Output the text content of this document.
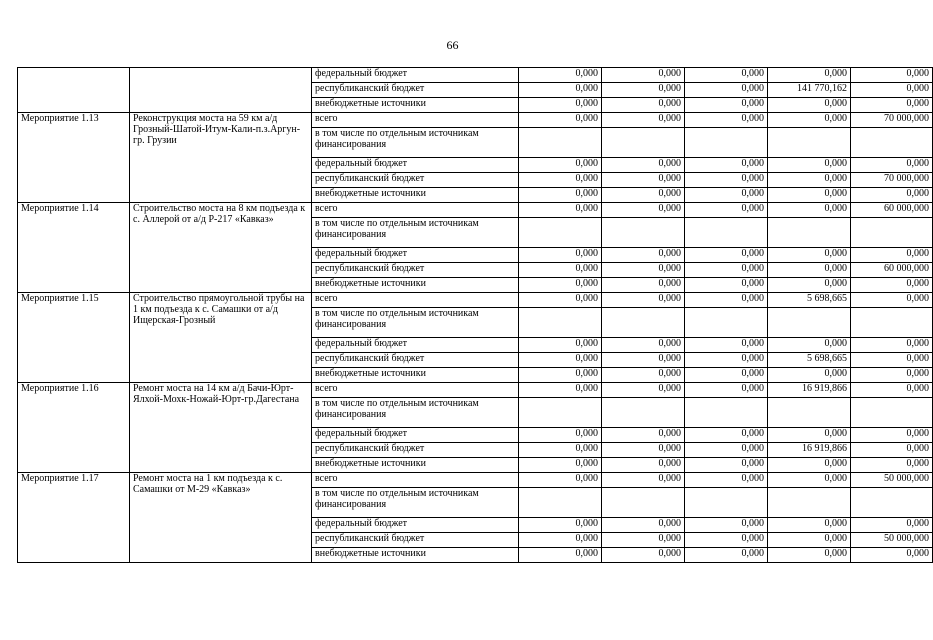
66
		федеральный бюджет	0,000	0,000	0,000	0,000	0,000
		республиканский бюджет	0,000	0,000	0,000	141 770,162	0,000
		внебюджетные источники	0,000	0,000	0,000	0,000	0,000
Мероприятие 1.13	Реконструкция моста на 59 км а/д Грозный-Шатой-Итум-Кали-п.з.Аргун-гр. Грузии	всего	0,000	0,000	0,000	0,000	70 000,000
		в том числе по отдельным источникам финансирования					
		федеральный бюджет	0,000	0,000	0,000	0,000	0,000
		республиканский бюджет	0,000	0,000	0,000	0,000	70 000,000
		внебюджетные источники	0,000	0,000	0,000	0,000	0,000
Мероприятие 1.14	Строительство моста на 8 км подъезда к с. Аллерой от а/д Р-217 «Кавказ»	всего	0,000	0,000	0,000	0,000	60 000,000
		в том числе по отдельным источникам финансирования					
		федеральный бюджет	0,000	0,000	0,000	0,000	0,000
		республиканский бюджет	0,000	0,000	0,000	0,000	60 000,000
		внебюджетные источники	0,000	0,000	0,000	0,000	0,000
Мероприятие 1.15	Строительство прямоугольной трубы на 1 км подъезда к с. Самашки от а/д Ищерская-Грозный	всего	0,000	0,000	0,000	5 698,665	0,000
		в том числе по отдельным источникам финансирования					
		федеральный бюджет	0,000	0,000	0,000	0,000	0,000
		республиканский бюджет	0,000	0,000	0,000	5 698,665	0,000
		внебюджетные источники	0,000	0,000	0,000	0,000	0,000
Мероприятие 1.16	Ремонт моста на 14 км а/д Бачи-Юрт-Ялхой-Мохк-Ножай-Юрт-гр.Дагестана	всего	0,000	0,000	0,000	16 919,866	0,000
		в том числе по отдельным источникам финансирования					
		федеральный бюджет	0,000	0,000	0,000	0,000	0,000
		республиканский бюджет	0,000	0,000	0,000	16 919,866	0,000
		внебюджетные источники	0,000	0,000	0,000	0,000	0,000
Мероприятие 1.17	Ремонт моста на 1 км подъезда к с. Самашки от М-29 «Кавказ»	всего	0,000	0,000	0,000	0,000	50 000,000
		в том числе по отдельным источникам финансирования					
		федеральный бюджет	0,000	0,000	0,000	0,000	0,000
		республиканский бюджет	0,000	0,000	0,000	0,000	50 000,000
		внебюджетные источники	0,000	0,000	0,000	0,000	0,000
